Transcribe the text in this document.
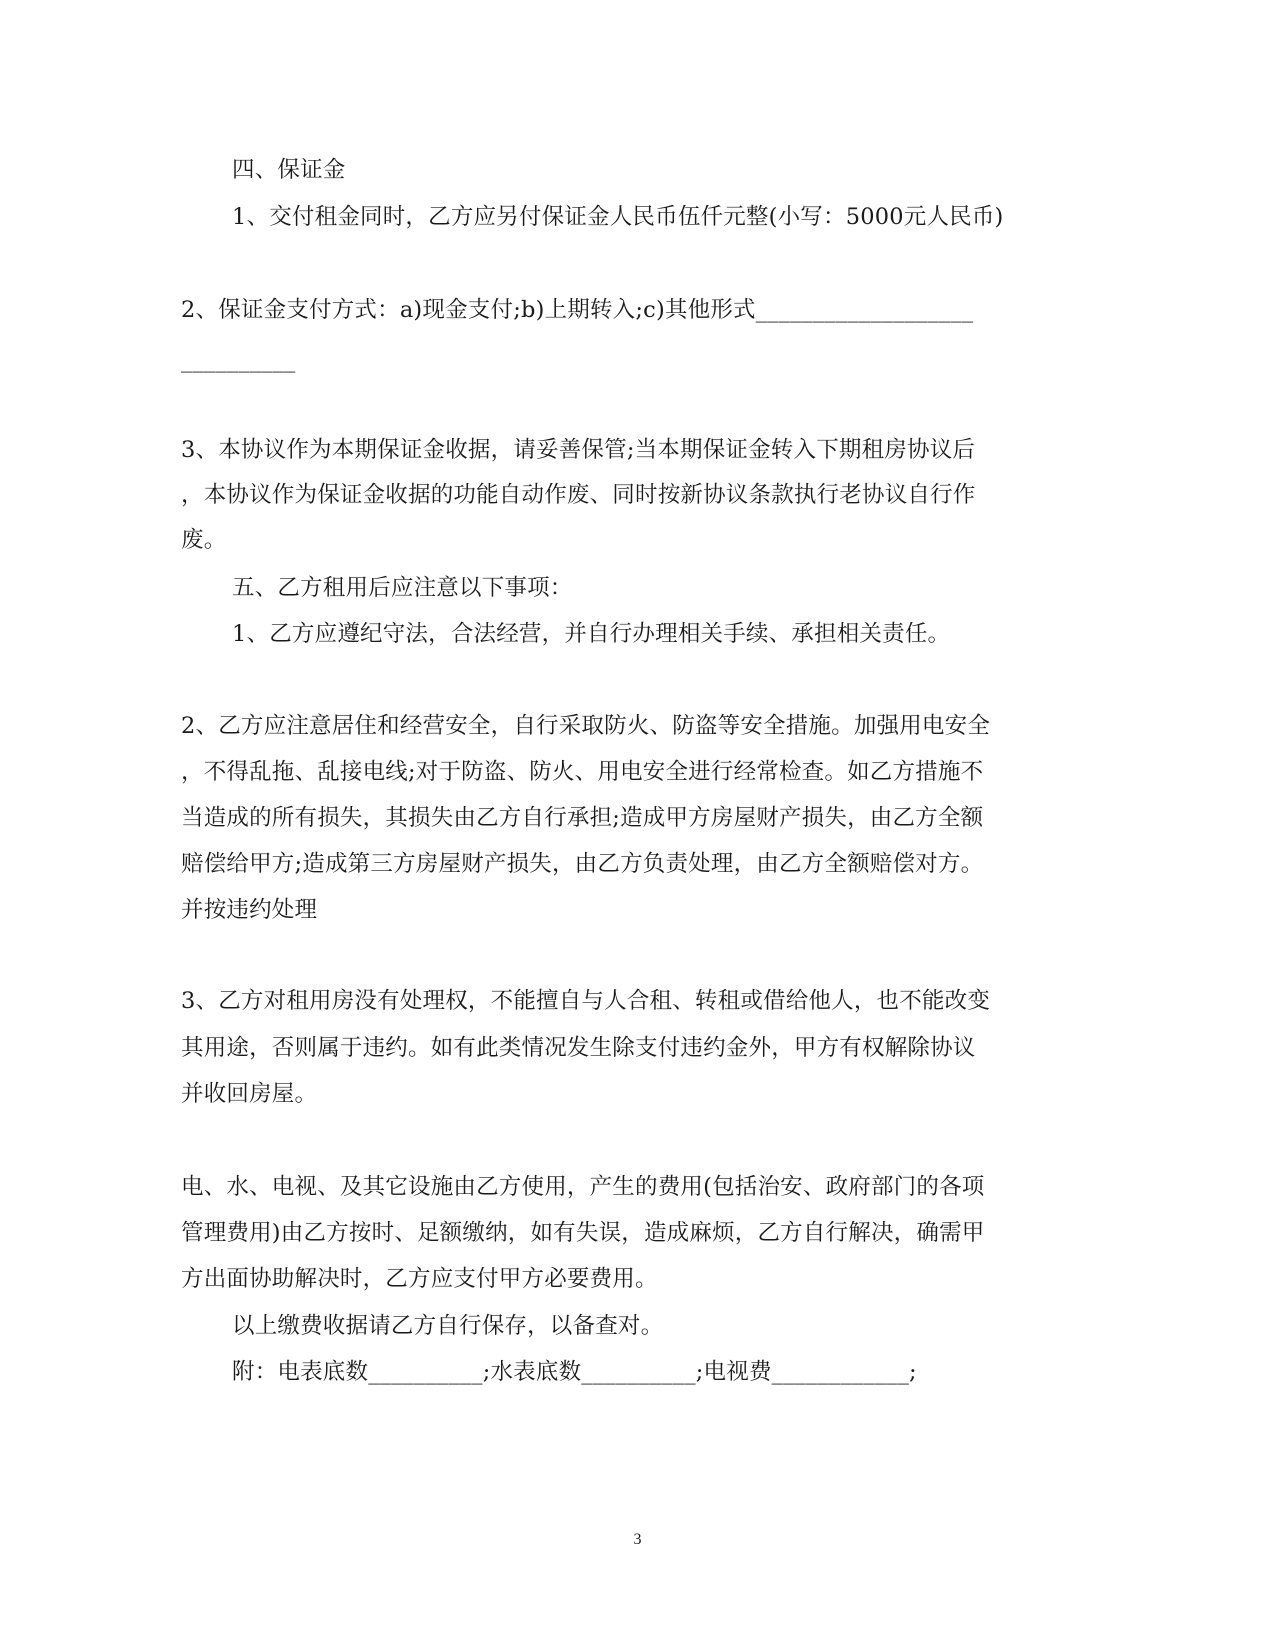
四、保证金
1、交付租金同时，乙方应另付保证金人民币伍仟元整(小写：5000元人民币)
2、保证金支付方式：a)现金支付;b)上期转入;c)其他形式___________________
__________
3、本协议作为本期保证金收据，请妥善保管;当本期保证金转入下期租房协议后
，本协议作为保证金收据的功能自动作废、同时按新协议条款执行老协议自行作
废。
五、乙方租用后应注意以下事项：
1、乙方应遵纪守法，合法经营，并自行办理相关手续、承担相关责任。
2、乙方应注意居住和经营安全，自行采取防火、防盗等安全措施。加强用电安全
，不得乱拖、乱接电线;对于防盗、防火、用电安全进行经常检查。如乙方措施不
当造成的所有损失，其损失由乙方自行承担;造成甲方房屋财产损失，由乙方全额
赔偿给甲方;造成第三方房屋财产损失，由乙方负责处理，由乙方全额赔偿对方。
并按违约处理
3、乙方对租用房没有处理权，不能擅自与人合租、转租或借给他人，也不能改变
其用途，否则属于违约。如有此类情况发生除支付违约金外，甲方有权解除协议
并收回房屋。
电、水、电视、及其它设施由乙方使用，产生的费用(包括治安、政府部门的各项
管理费用)由乙方按时、足额缴纳，如有失误，造成麻烦，乙方自行解决，确需甲
方出面协助解决时，乙方应支付甲方必要费用。
以上缴费收据请乙方自行保存，以备查对。
附：电表底数__________;水表底数__________;电视费____________;
3
